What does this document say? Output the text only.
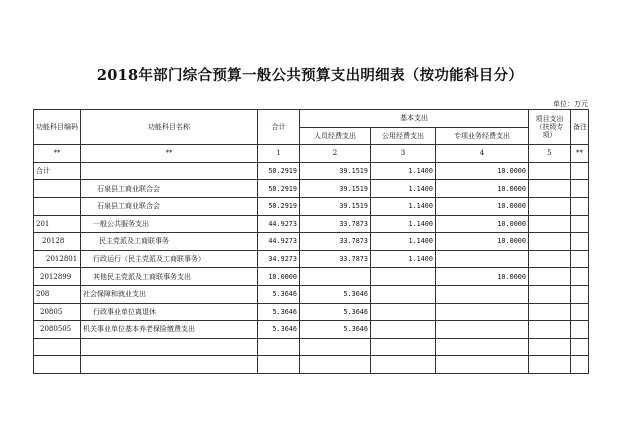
2018年部门综合预算一般公共预算支出明细表（按功能科目分）
单位：万元
功能科目编码	功能科目名称	合计	基本支出			项目支出（扶级专项）	备注
			人员经费支出	公用经费支出	专项业务经费支出		
**	**	1	2	3	4	5	**
合计		50.2919	39.1519	1.1400	10.0000		
	石泉县工商业联合会	50.2919	39.1519	1.1400	10.0000		
	石泉县工商业联合会	50.2919	39.1519	1.1400	10.0000		
201	一般公共服务支出	44.9273	33.7873	1.1400	10.0000		
20128	民主党派及工商联事务	44.9273	33.7873	1.1400	10.0000		
2012801	行政运行（民主党派及工商联事务）	34.9273	33.7873	1.1400			
2012899	其他民主党派及工商联事务支出	10.0000			10.0000		
208	社会保障和就业支出	5.3646	5.3646				
20805	行政事业单位离退休	5.3646	5.3646				
2080505	机关事业单位基本养老保险缴费支出	5.3646	5.3646				
